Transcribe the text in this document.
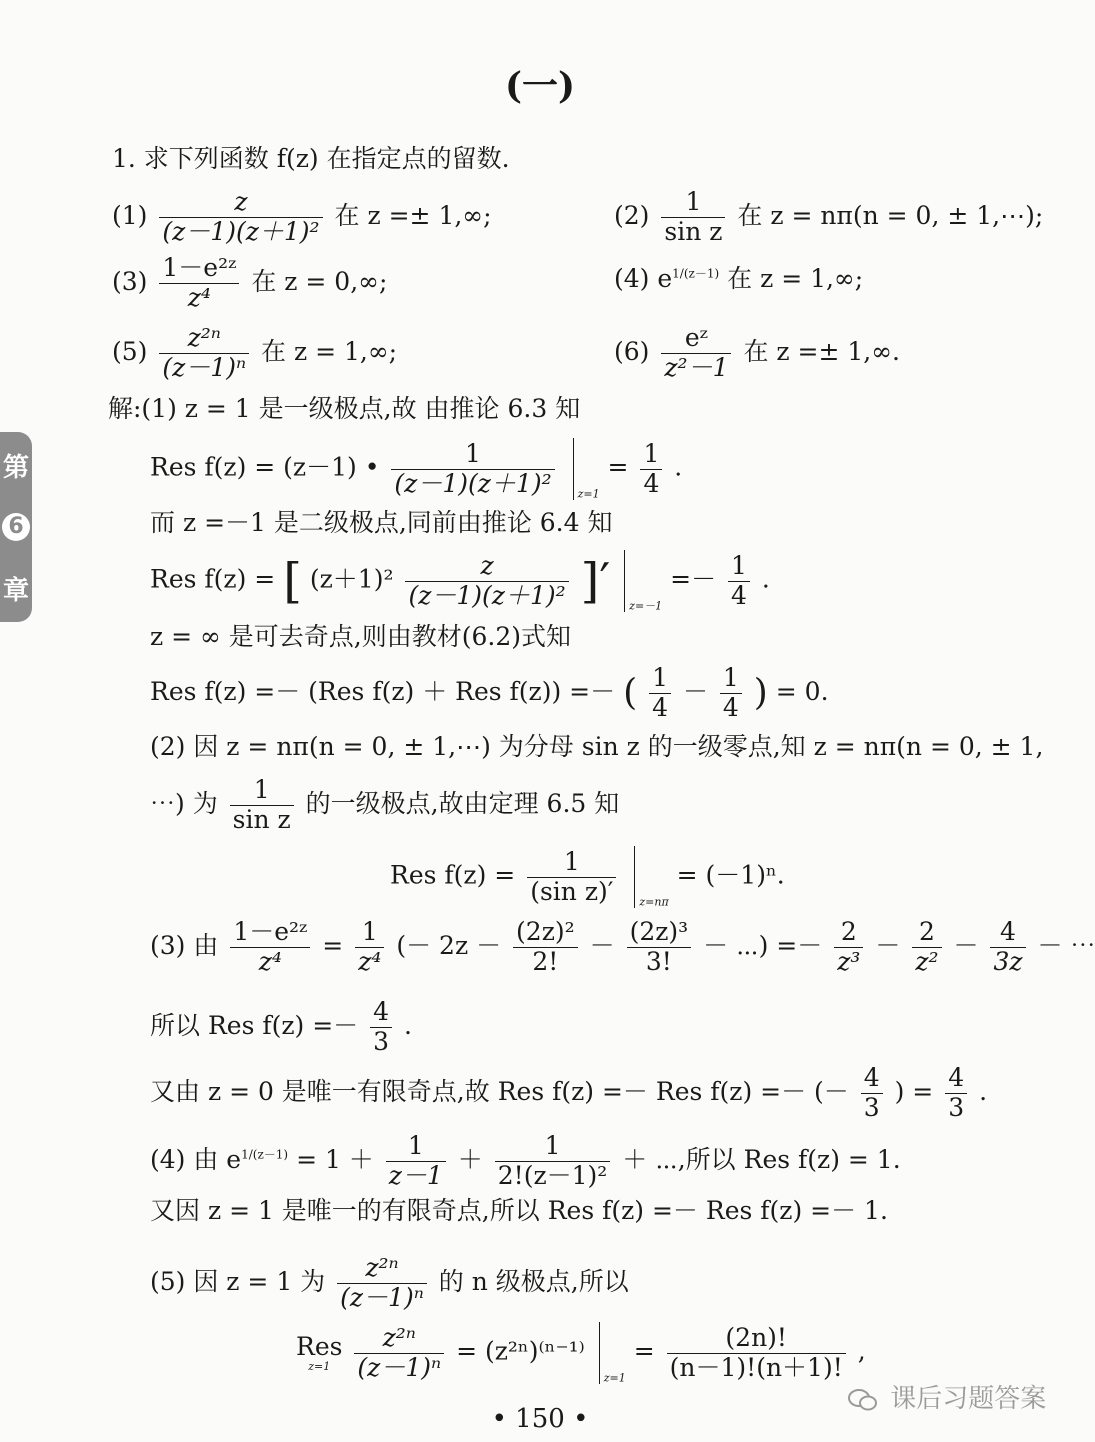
(一)
第
6
章
1. 求下列函数 f(z) 在指定点的留数.
$(1) \frac{z}{\text{(z－1)(z＋1)²}}$ 在 z =± 1,∞;	$(2) \frac{1}{\text{sin z}}$ 在 z = nπ(n = 0, ± 1,⋯);
$(3) \frac{\text{1－e²ᶻ}}{\text{z⁴}}$ 在 z = 0,∞;	(4) $e^{1/(z-1)}$ 在 z = 1,∞;
$(5) \frac{\text{z²ⁿ}}{\text{(z－1)ⁿ}}$ 在 z = 1,∞;	$(6) \frac{\text{eᶻ}}{\text{z²－1}}$ 在 z =± 1,∞.
解:(1) z = 1 是一级极点,故 由推论 6.3 知
Res f(z) = (z－1) • $\frac{1}{\text{(z－1)(z＋1)²}} _{z=1} = \frac{1}{4}$ .
而 z =－1 是二级极点,同前由推论 6.4 知
Res f(z) = [ $(z+1)^2 \frac{z}{\text{(z－1)(z＋1)²}}$ ]′ $_{z=-1} =- \frac{1}{4}$ .
z = ∞ 是可去奇点,则由教材(6.2)式知
Res f(z) =－ (Res f(z) ＋ Res f(z)) =－ ( $\frac{1}{4} - \frac{1}{4}$ ) = 0.
(2) 因 z = nπ(n = 0, ± 1,⋯) 为分母 sin z 的一级零点,知 z = nπ(n = 0, ± 1,
⋯) 为 $\frac{1}{\text{sin z}}$ 的一级极点,故由定理 6.5 知
Res $f(z) = \frac{1}{\text{(sin z)′}} _{z=n\pi} = (-1)^n$.
(3) 由 $\frac{\text{1－e²ᶻ}}{\text{z⁴}} = \frac{1}{\text{z⁴}}$ (－ $2z - \frac{\text{(2z)²}}{2!} - \frac{\text{(2z)³}}{3!}$ － ⋯) =－ $\frac{2}{\text{z³}} - \frac{2}{\text{z²}} - \frac{4}{3z}$ － ⋯
所以 Res $f(z) =- \frac{4}{3}$ .
又由 z = 0 是唯一有限奇点,故 Res f(z) =－ Res f(z) =－ (－ $\frac{4}{3}$ ) = $\frac{4}{3}$ .
(4) 由 $e^{1/(z-1)} = 1 + \frac{1}{z-1} + \frac{1}{\text{2!(z－1)²}}$ ＋ ⋯,所以 Res f(z) = 1.
又因 z = 1 是唯一的有限奇点,所以 Res f(z) =－ Res f(z) =－ 1.
(5) 因 z = 1 为 $\frac{\text{z²ⁿ}}{\text{(z－1)ⁿ}}$ 的 n 级极点,所以
Res
z=1
$\frac{\text{z²ⁿ}}{\text{(z－1)ⁿ}} = (z^{2n})^{(n-1)}$ $_{z=1} = \frac{(2n)!}{(n-1)!(n+1)!}$ ,
课后习题答案
• 150 •
